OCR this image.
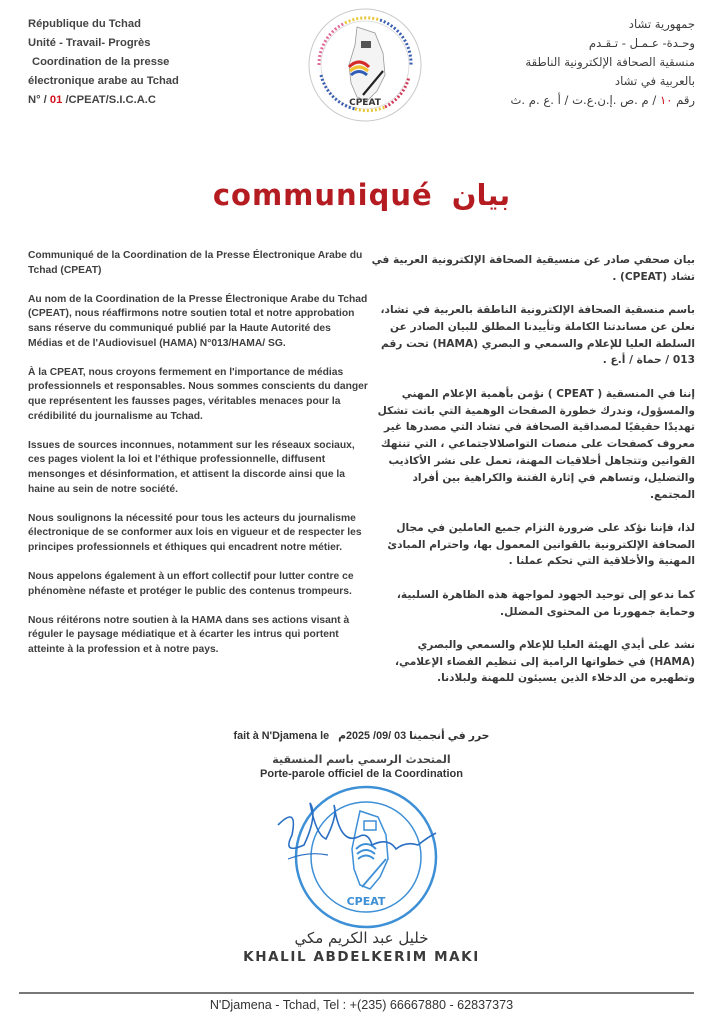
République du Tchad
Unité - Travail- Progrès
Coordination de la presse
électronique arabe au Tchad
N° / 01 /CPEAT/S.I.C.A.C	CPEAT
جمهورية تشاد
وحـدة- عـمـل - تـقـدم
منسقية الصحافة الإلكترونية الناطقة
بالعربية في تشاد
رقم ١٠ / م .ص .إ.ن.ع.ت / أ .ع .م .ث
communiqué بيان

Communiqué de la Coordination de la Presse Électronique Arabe du Tchad (CPEAT)

Au nom de la Coordination de la Presse Électronique Arabe du Tchad (CPEAT), nous réaffirmons notre soutien total et notre approbation sans réserve du communiqué publié par la Haute Autorité des Médias et de l'Audiovisuel (HAMA) N°013/HAMA/ SG.

À la CPEAT, nous croyons fermement en l'importance de médias professionnels et responsables. Nous sommes conscients du danger que représentent les fausses pages, véritables menaces pour la crédibilité du journalisme au Tchad.

Issues de sources inconnues, notamment sur les réseaux sociaux, ces pages violent la loi et l'éthique professionnelle, diffusent mensonges et désinformation, et attisent la discorde ainsi que la haine au sein de notre société.

Nous soulignons la nécessité pour tous les acteurs du journalisme électronique de se conformer aux lois en vigueur et de respecter les principes professionnels et éthiques qui encadrent notre métier.

Nous appelons également à un effort collectif pour lutter contre ce phénomène néfaste et protéger le public des contenus trompeurs.

Nous réitérons notre soutien à la HAMA dans ses actions visant à réguler le paysage médiatique et à écarter les intrus qui portent atteinte à la profession et à notre pays.

بيان صحفي صادر عن منسيقية الصحافة الإلكترونية العربية في تشاد (CPEAT) .

باسم منسقية الصحافة الإلكترونية الناطقة بالعربية في تشاد، نعلن عن مساندتنا الكاملة وتأييدنا المطلق للبيان الصادر عن السلطة العليا للإعلام والسمعي و البصري (HAMA) تحت رقم 013 / حماة / أ.ع .

إننا في المنسقية ( CPEAT ) نؤمن بأهمية الإعلام المهني والمسؤول، وندرك خطورة الصفحات الوهمية التي باتت تشكل تهديدًا حقيقيًا لمصداقية الصحافة في تشاد التي مصدرها غير معروف كصفحات على منصات التواصلالاجتماعي ، التي تنتهك القوانين وتتجاهل أخلاقيات المهنة، تعمل على نشر الأكاذيب والتضليل، وتساهم في إثارة الفتنة والكراهية بين أفراد المجتمع.

لذا، فإننا نؤكد على ضرورة التزام جميع العاملين في مجال الصحافة الإلكترونية بالقوانين المعمول بها، واحترام المبادئ المهنية والأخلاقية التي تحكم عملنا .

كما ندعو إلى توحيد الجهود لمواجهة هذه الظاهرة السلبية، وحماية جمهورنا من المحتوى المضلل.

نشد على أيدي الهيئة العليا للإعلام والسمعي والبصري (HAMA) في خطواتها الرامية إلى تنظيم الفضاء الإعلامي، وتطهيره من الدخلاء الذين يسيئون للمهنة ولبلادنا.

fait à N'Djamena le حرر في أنجمينا 03 /09/ 2025م
المتحدث الرسمي باسم المنسقية
Porte-parole officiel de la Coordination
CPEAT
خليل عبد الكريم مكي
KHALIL ABDELKERIM MAKI
N'Djamena - Tchad, Tel : +(235) 66667880 - 62837373
